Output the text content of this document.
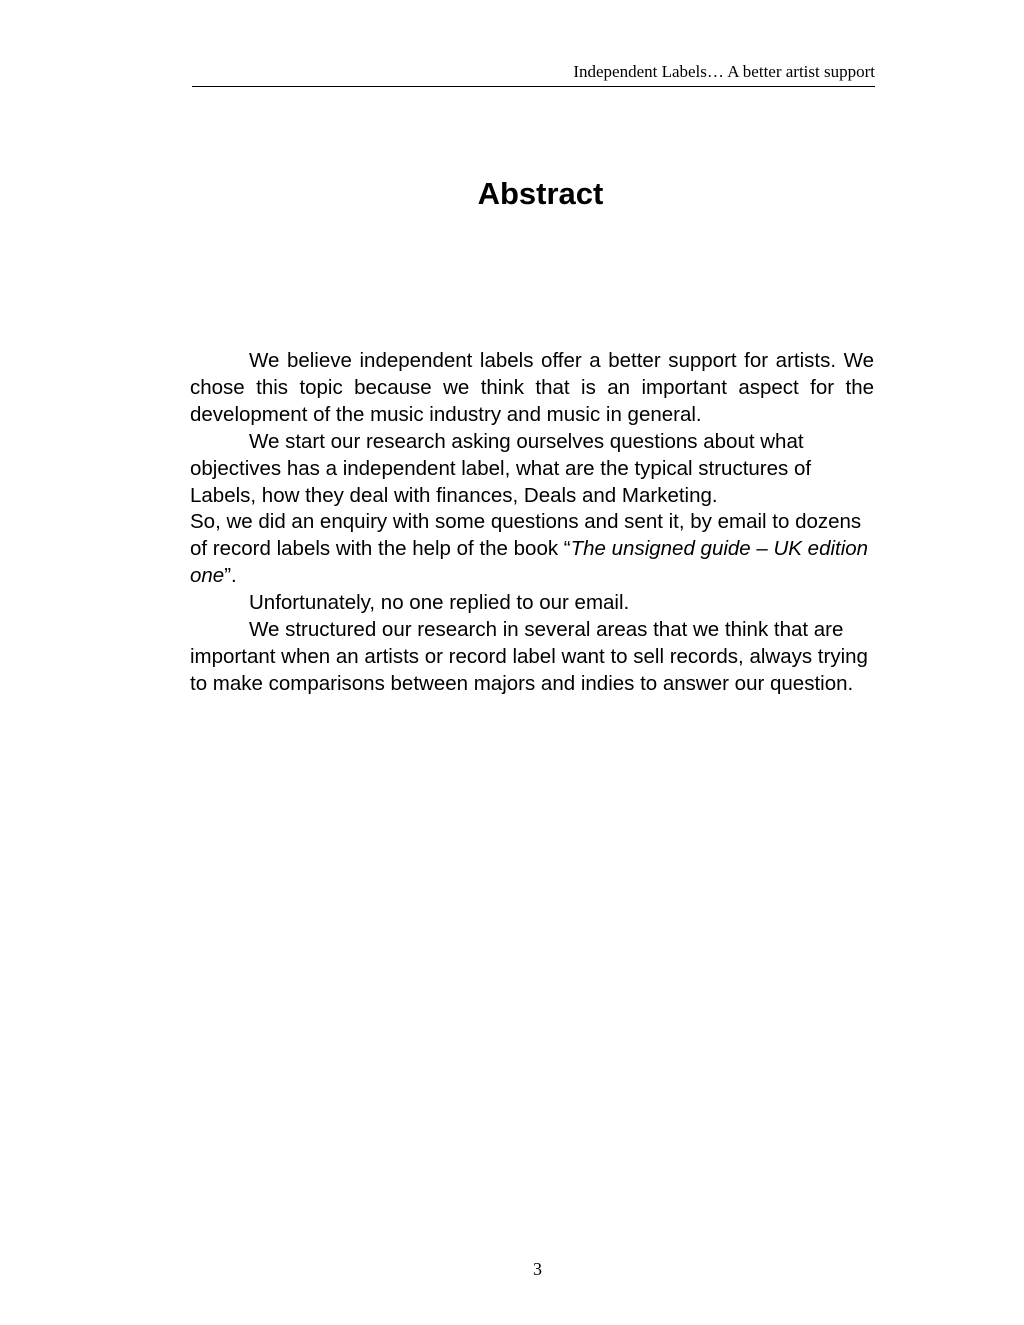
Independent Labels… A better artist support
Abstract

We believe independent labels offer a better support for artists. We chose this topic because we think that is an important aspect for the development of the music industry and music in general.

We start our research asking ourselves questions about what objectives has a independent label, what are the typical structures of Labels, how they deal with finances, Deals and Marketing.

So, we did an enquiry with some questions and sent it, by email to dozens of record labels with the help of the book “The unsigned guide – UK edition one”.

Unfortunately, no one replied to our email.

We structured our research in several areas that we think that are important when an artists or record label want to sell records, always trying to make comparisons between majors and indies to answer our question.

3
